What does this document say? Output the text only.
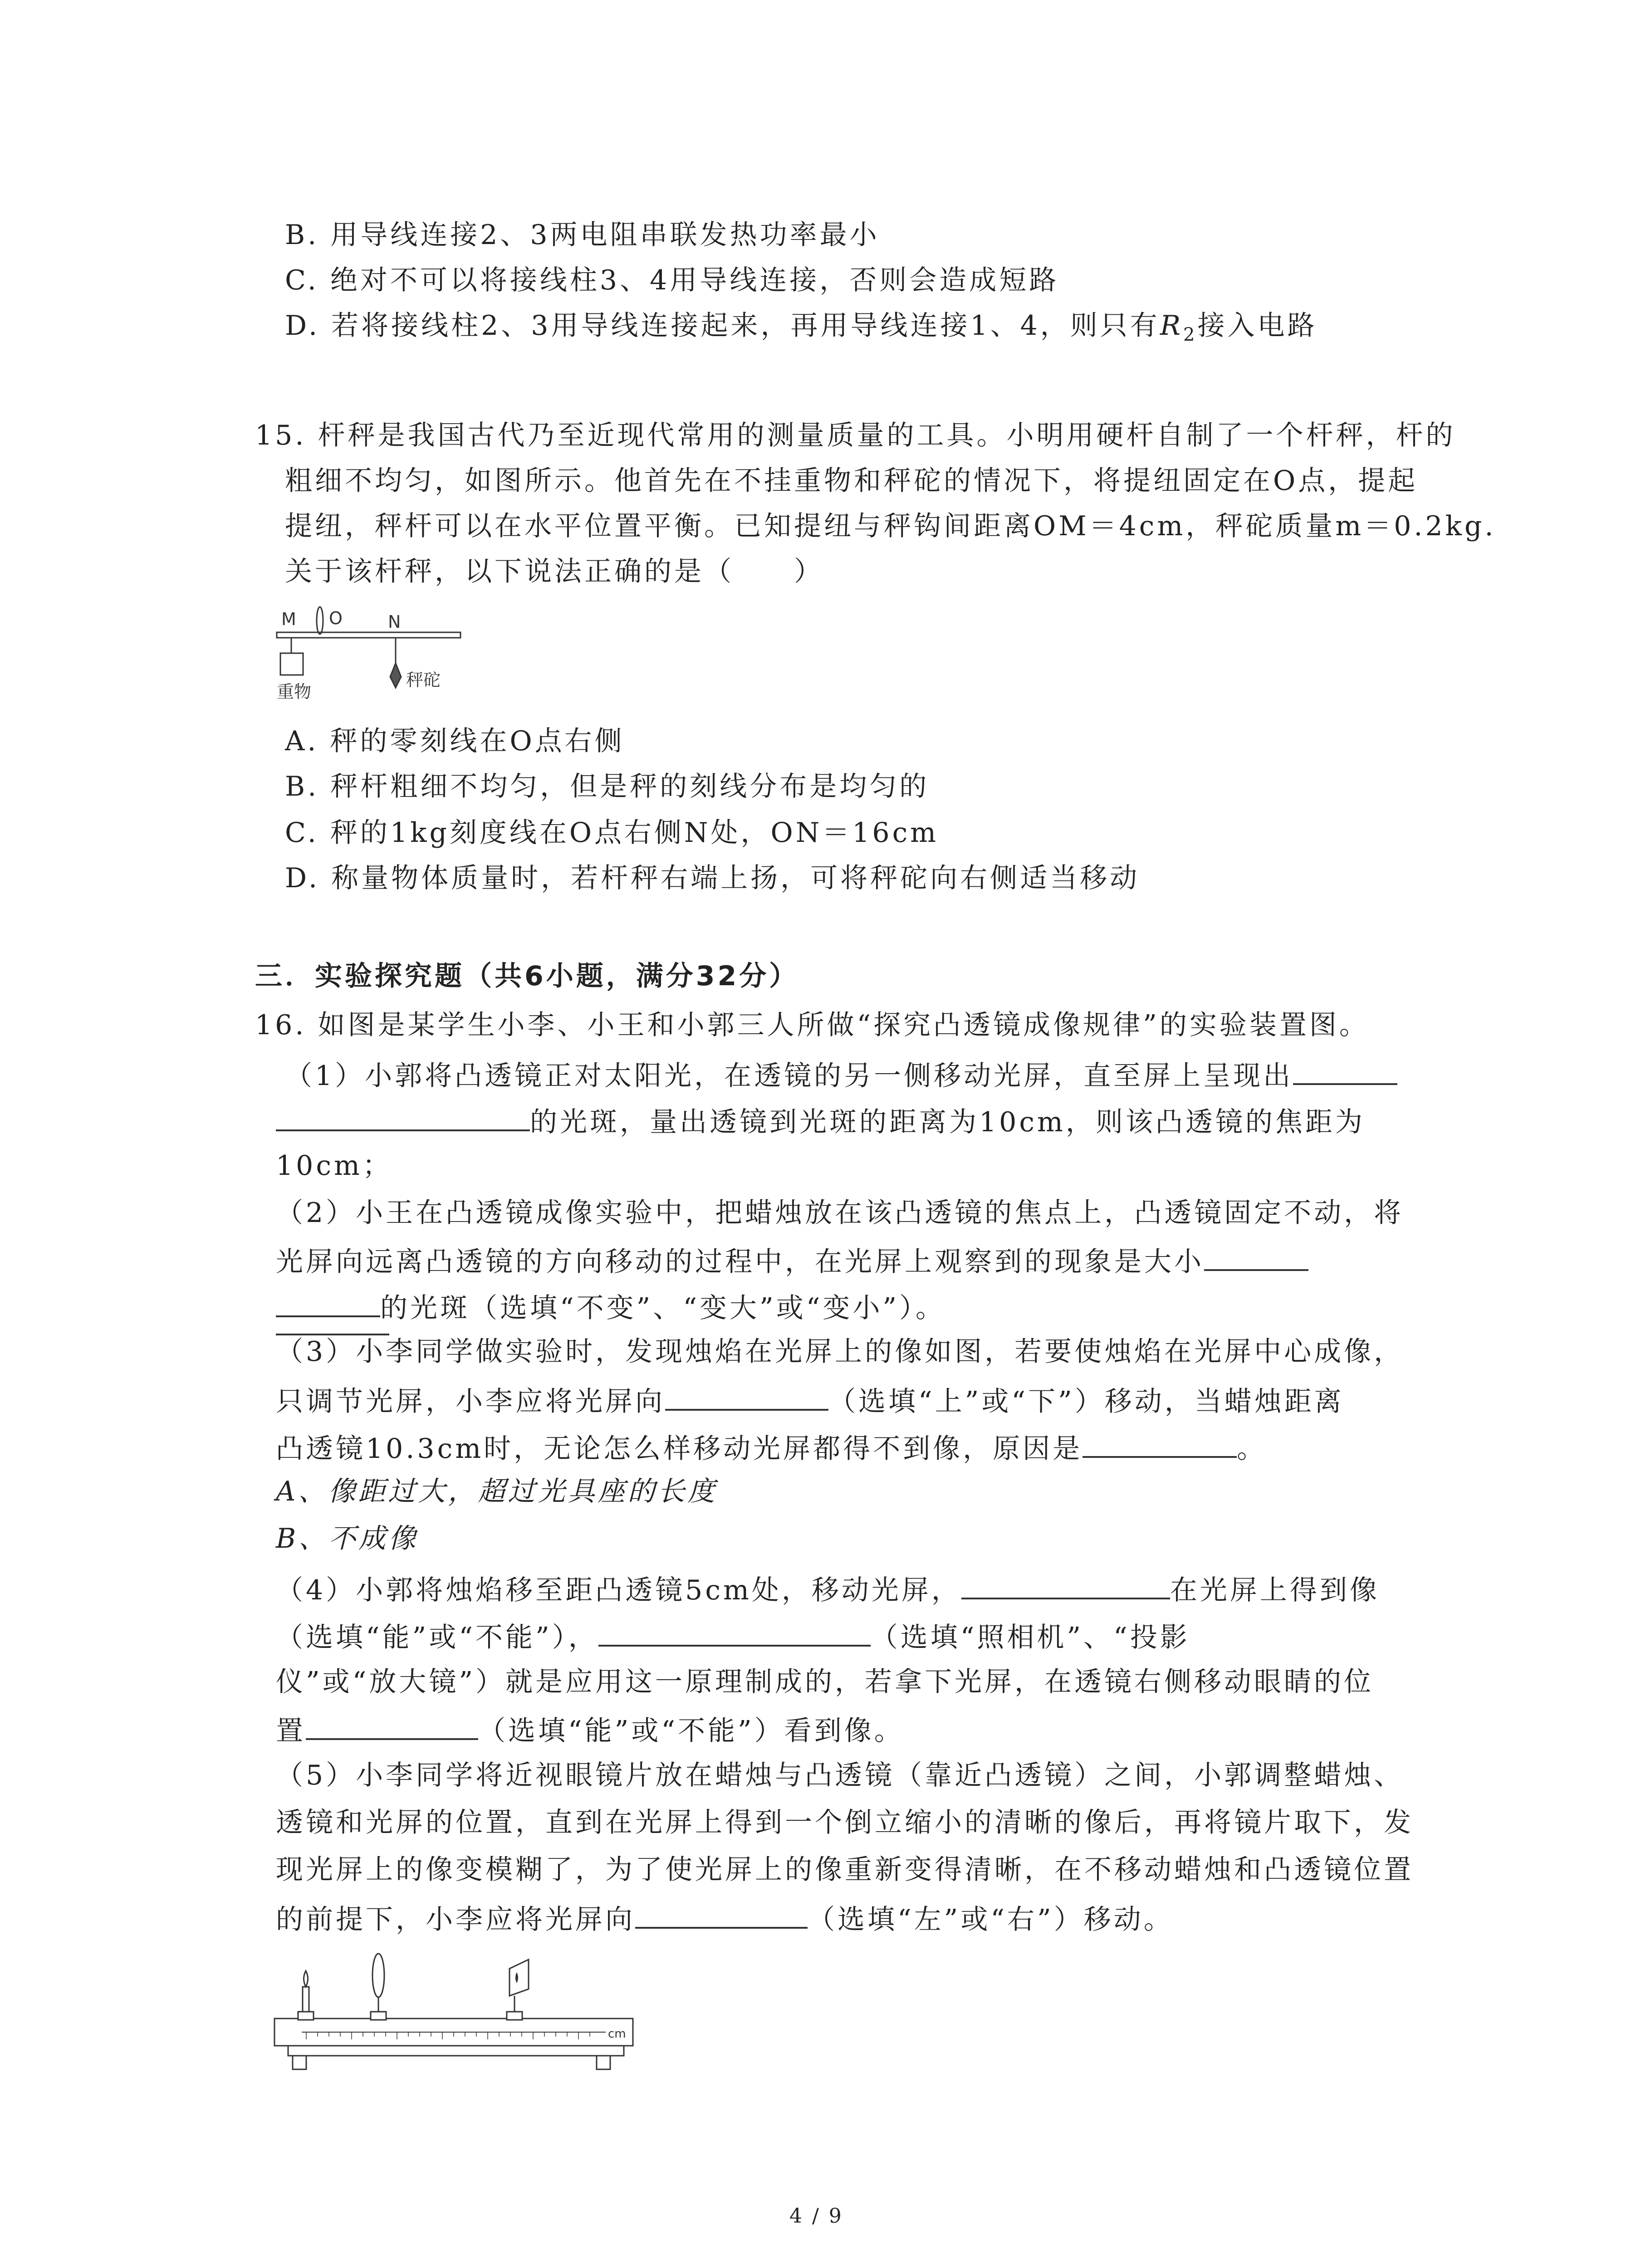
B. 用导线连接2、3两电阻串联发热功率最小
C. 绝对不可以将接线柱3、4用导线连接，否则会造成短路
D. 若将接线柱2、3用导线连接起来，再用导线连接1、4，则只有$R_2$接入电路
15. 杆秤是我国古代乃至近现代常用的测量质量的工具。小明用硬杆自制了一个杆秤，杆的
粗细不均匀，如图所示。他首先在不挂重物和秤砣的情况下，将提纽固定在O点，提起
提纽，秤杆可以在水平位置平衡。已知提纽与秤钩间距离OM＝4cm，秤砣质量m＝0.2kg.
关于该杆秤，以下说法正确的是（　　）
M O	N
重物
秤砣
A. 秤的零刻线在O点右侧
B. 秤杆粗细不均匀，但是秤的刻线分布是均匀的
C. 秤的1kg刻度线在O点右侧N处，ON＝16cm
D. 称量物体质量时，若杆秤右端上扬，可将秤砣向右侧适当移动
三．实验探究题（共6小题，满分32分）
16. 如图是某学生小李、小王和小郭三人所做“探究凸透镜成像规律”的实验装置图。
（1）小郭将凸透镜正对太阳光，在透镜的另一侧移动光屏，直至屏上呈现出
的光斑，量出透镜到光斑的距离为10cm，则该凸透镜的焦距为
10cm；
（2）小王在凸透镜成像实验中，把蜡烛放在该凸透镜的焦点上，凸透镜固定不动，将
光屏向远离凸透镜的方向移动的过程中，在光屏上观察到的现象是大小
的光斑（选填“不变”、“变大”或“变小”）。
（3）小李同学做实验时，发现烛焰在光屏上的像如图，若要使烛焰在光屏中心成像，
只调节光屏，小李应将光屏向	（选填“上”或“下”）移动，当蜡烛距离
凸透镜10.3cm时，无论怎么样移动光屏都得不到像，原因是	。
A、像距过大，超过光具座的长度
B、不成像
（4）小郭将烛焰移至距凸透镜5cm处，移动光屏，	在光屏上得到像
（选填“能”或“不能”），	（选填“照相机”、“投影
仪”或“放大镜”）就是应用这一原理制成的，若拿下光屏，在透镜右侧移动眼睛的位
置	（选填“能”或“不能”）看到像。
（5）小李同学将近视眼镜片放在蜡烛与凸透镜（靠近凸透镜）之间，小郭调整蜡烛、
透镜和光屏的位置，直到在光屏上得到一个倒立缩小的清晰的像后，再将镜片取下，发
现光屏上的像变模糊了，为了使光屏上的像重新变得清晰，在不移动蜡烛和凸透镜位置
的前提下，小李应将光屏向	（选填“左”或“右”）移动。
cm
4 / 9
